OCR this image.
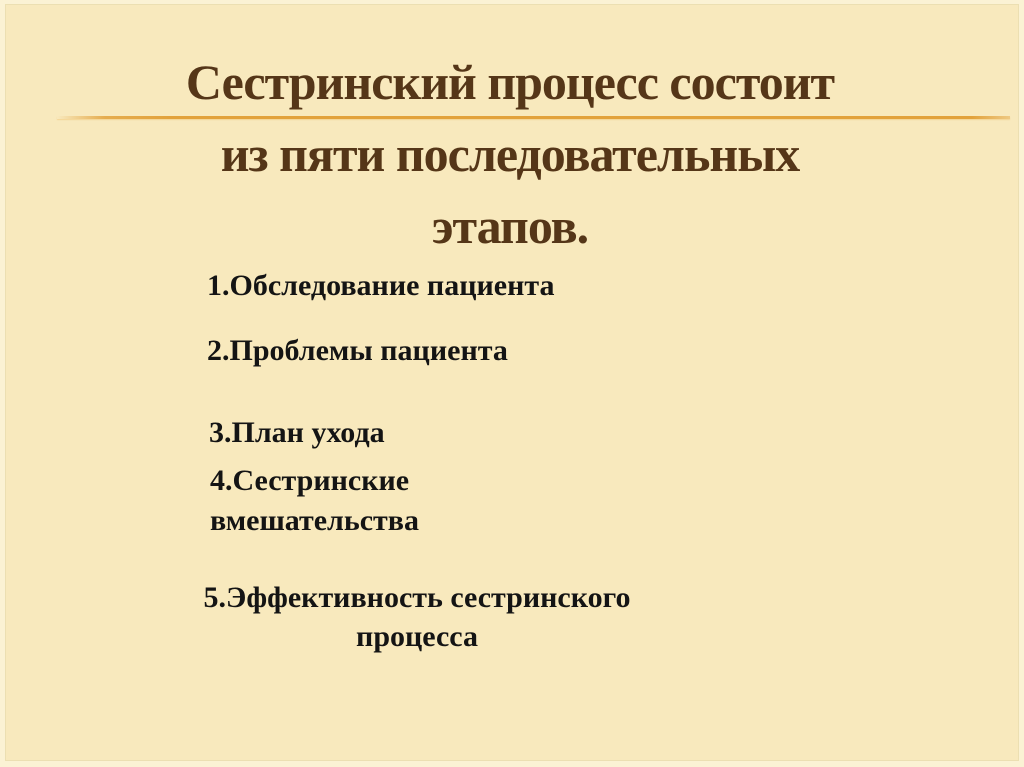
Сестринский процесс состоит
из пяти последовательных
этапов.
1.Обследование пациента
2.Проблемы пациента
3.План ухода
4.Сестринские
вмешательства
5.Эффективность сестринского
процесса
